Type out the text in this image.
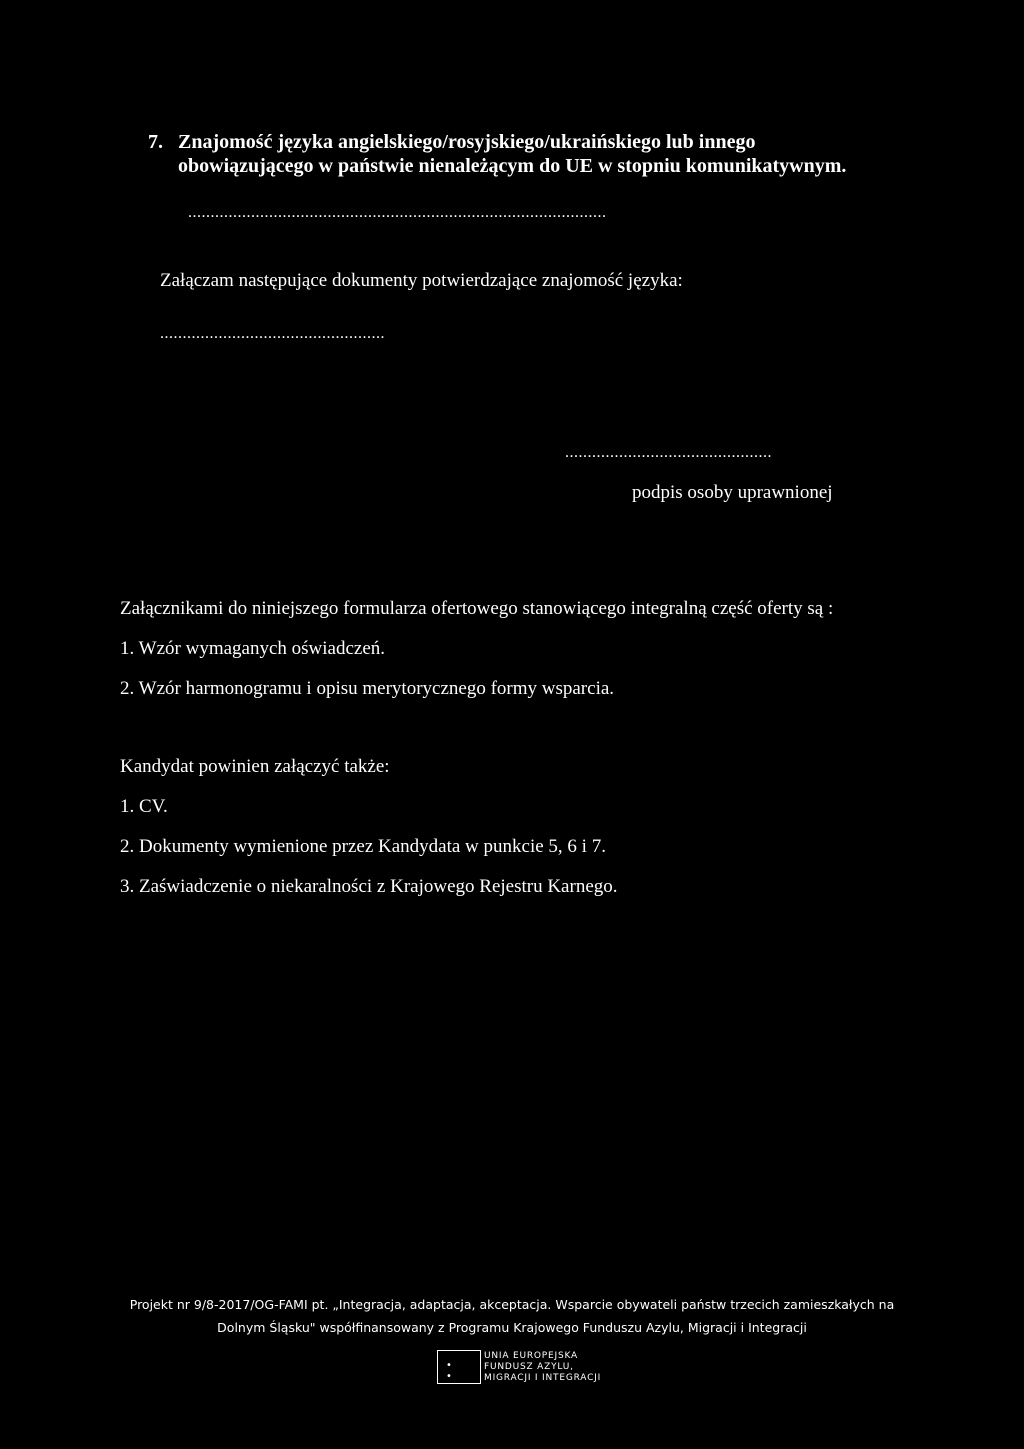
7. Znajomość języka angielskiego/rosyjskiego/ukraińskiego lub innego
obowiązującego w państwie nienależącym do UE w stopniu komunikatywnym.
.............................................................................................
Załączam następujące dokumenty potwierdzające znajomość języka:
..................................................
..............................................
podpis osoby uprawnionej
Załącznikami do niniejszego formularza ofertowego stanowiącego integralną część oferty są :
1. Wzór wymaganych oświadczeń.
2. Wzór harmonogramu i opisu merytorycznego formy wsparcia.
Kandydat powinien załączyć także:
1. CV.
2. Dokumenty wymienione przez Kandydata w punkcie 5, 6 i 7.
3. Zaświadczenie o niekaralności z Krajowego Rejestru Karnego.
Projekt nr 9/8-2017/OG-FAMI pt. „Integracja, adaptacja, akceptacja. Wsparcie obywateli państw trzecich zamieszkałych na
Dolnym Śląsku" współfinansowany z Programu Krajowego Funduszu Azylu, Migracji i Integracji
• •
UNIA EUROPEJSKA
FUNDUSZ AZYLU,
MIGRACJI I INTEGRACJI
